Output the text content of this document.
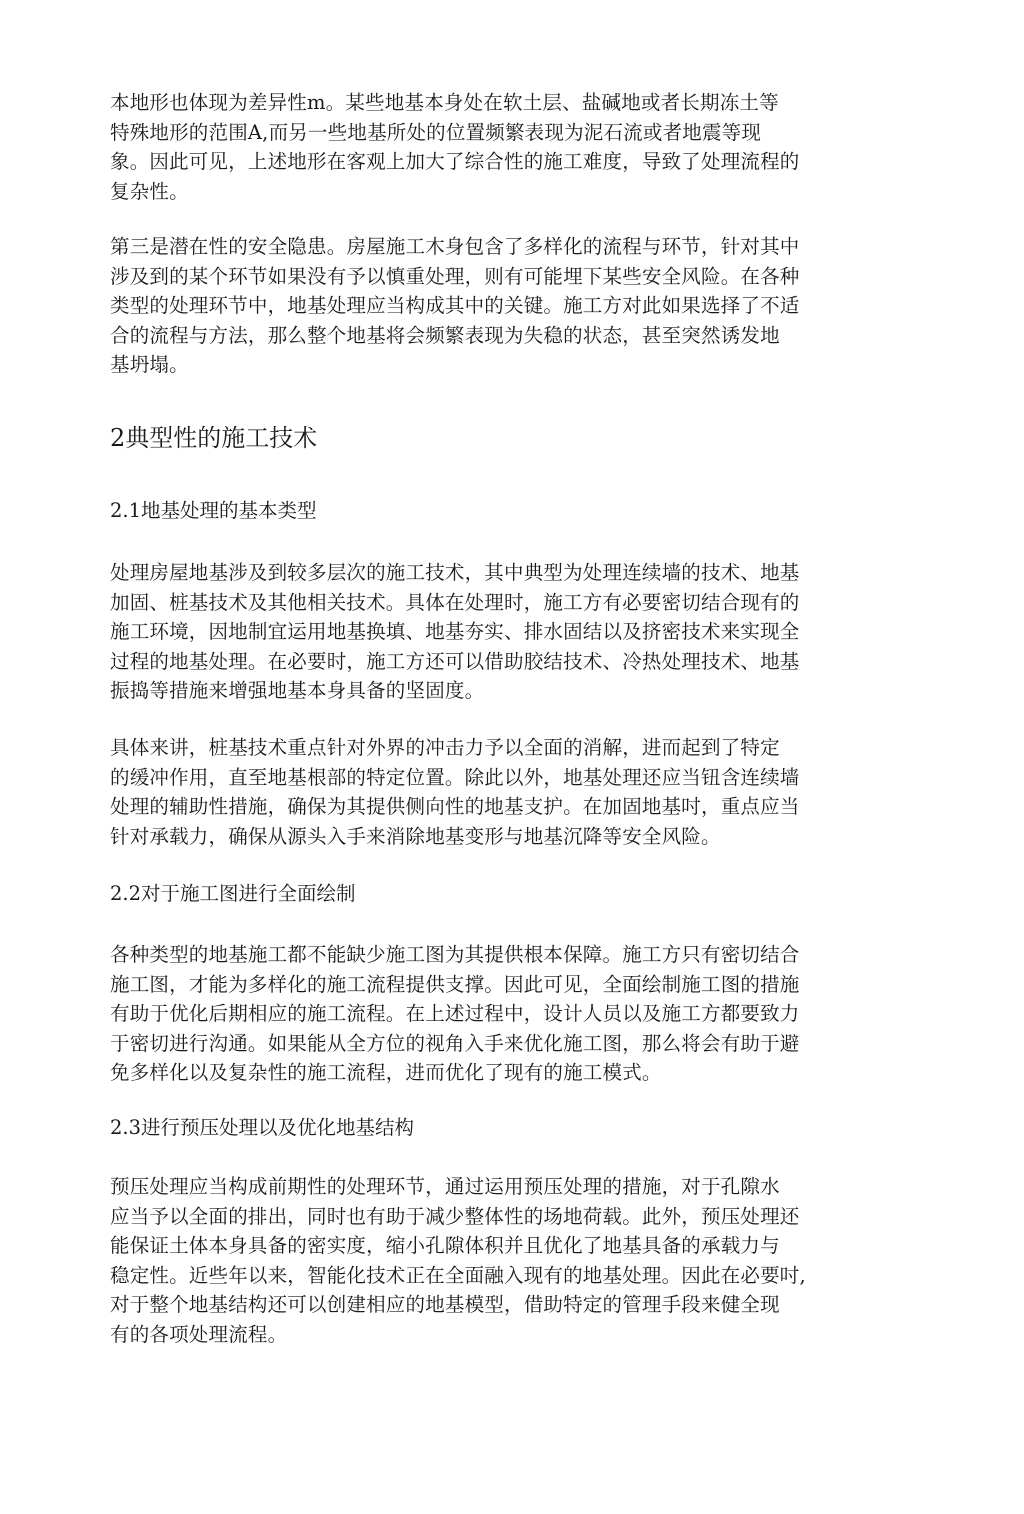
本地形也体现为差异性m。某些地基本身处在软土层、盐碱地或者长期冻土等
特殊地形的范围A,而另一些地基所处的位置频繁表现为泥石流或者地震等现
象。因此可见，上述地形在客观上加大了综合性的施工难度，导致了处理流程的
复杂性。
第三是潜在性的安全隐患。房屋施工木身包含了多样化的流程与环节，针对其中
涉及到的某个环节如果没有予以慎重处理，则有可能埋下某些安全风险。在各种
类型的处理环节中，地基处理应当构成其中的关键。施工方对此如果选择了不适
合的流程与方法，那么整个地基将会频繁表现为失稳的状态，甚至突然诱发地
基坍塌。
2典型性的施工技术
2.1地基处理的基本类型
处理房屋地基涉及到较多层次的施工技术，其中典型为处理连续墙的技术、地基
加固、桩基技术及其他相关技术。具体在处理时，施工方有必要密切结合现有的
施工环境，因地制宜运用地基换填、地基夯实、排水固结以及挤密技术来实现全
过程的地基处理。在必要时，施工方还可以借助胶结技术、冷热处理技术、地基
振捣等措施来增强地基本身具备的坚固度。
具体来讲，桩基技术重点针对外界的冲击力予以全面的消解，进而起到了特定
的缓冲作用，直至地基根部的特定位置。除此以外，地基处理还应当钮含连续墙
处理的辅助性措施，确保为其提供侧向性的地基支护。在加固地基吋，重点应当
针对承载力，确保从源头入手来消除地基变形与地基沉降等安全风险。
2.2对于施工图进行全面绘制
各种类型的地基施工都不能缺少施工图为其提供根本保障。施工方只有密切结合
施工图，才能为多样化的施工流程提供支撑。因此可见，全面绘制施工图的措施
有助于优化后期相应的施工流程。在上述过程中，设计人员以及施工方都要致力
于密切进行沟通。如果能从全方位的视角入手来优化施工图，那么将会有助于避
免多样化以及复杂性的施工流程，进而优化了现有的施工模式。
2.3进行预压处理以及优化地基结构
预压处理应当构成前期性的处理环节，通过运用预压处理的措施，对于孔隙水
应当予以全面的排出，同时也有助于减少整体性的场地荷载。此外，预压处理还
能保证土体本身具备的密实度，缩小孔隙体积并且优化了地基具备的承载力与
稳定性。近些年以来，智能化技术正在全面融入现有的地基处理。因此在必要吋,
对于整个地基结构还可以创建相应的地基模型，借助特定的管理手段来健全现
有的各项处理流程。
